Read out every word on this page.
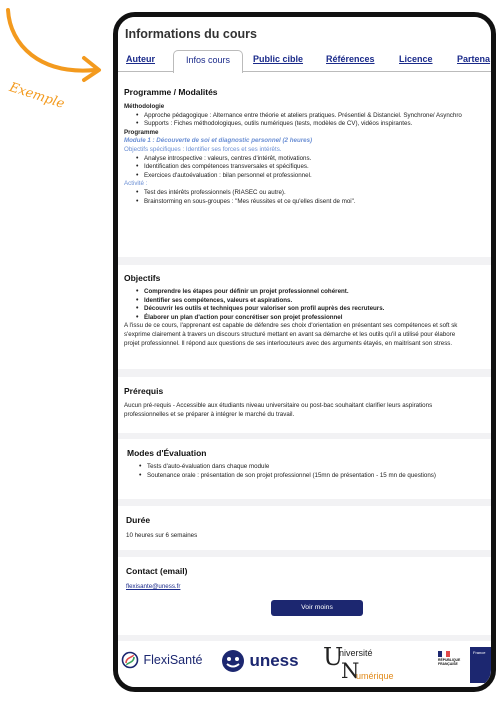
Exemple
Informations du cours
Auteur	Infos cours	Public cible	Références	Licence	Partena
Programme / Modalités
Méthodologie
• Approche pédagogique : Alternance entre théorie et ateliers pratiques. Présentiel & Distanciel. Synchrone/ Asynchro
• Supports : Fiches méthodologiques, outils numériques (tests, modèles de CV), vidéos inspirantes.
Programme
Module 1 : Découverte de soi et diagnostic personnel (2 heures)
Objectifs spécifiques : Identifier ses forces et ses intérêts.
• Analyse introspective : valeurs, centres d'intérêt, motivations.
• Identification des compétences transversales et spécifiques.
• Exercices d'autoévaluation : bilan personnel et professionnel.
Activité :
• Test des intérêts professionnels (RIASEC ou autre).
• Brainstorming en sous-groupes : "Mes réussites et ce qu'elles disent de moi".
Objectifs
• Comprendre les étapes pour définir un projet professionnel cohérent.
• Identifier ses compétences, valeurs et aspirations.
• Découvrir les outils et techniques pour valoriser son profil auprès des recruteurs.
• Élaborer un plan d'action pour concrétiser son projet professionnel
A l'issu de ce cours, l'apprenant est capable de défendre ses choix d'orientation en présentant ses compétences et soft sk
s'exprime clairement à travers un discours structuré mettant en avant sa démarche et les outils qu'il a utilisé pour élabore
projet professionnel. Il répond aux questions de ses interlocuteurs avec des arguments étayés, en maitrisant son stress.
Prérequis
Aucun pré-requis - Accessible aux étudiants niveau universitaire ou post-bac souhaitant clarifier leurs aspirations
professionnelles et se préparer à intégrer le marché du travail.
Modes d'Évaluation
• Tests d'auto-évaluation dans chaque module
• Soutenance orale : présentation de son projet professionnel (15mn de présentation - 15 mn de questions)
Durée
10 heures sur 6 semaines
Contact (email)
flexisante@uness.fr
Voir moins
FlexiSanté	uness U
niversité
N
umérique
RÉPUBLIQUE
FRANÇAISE
France
